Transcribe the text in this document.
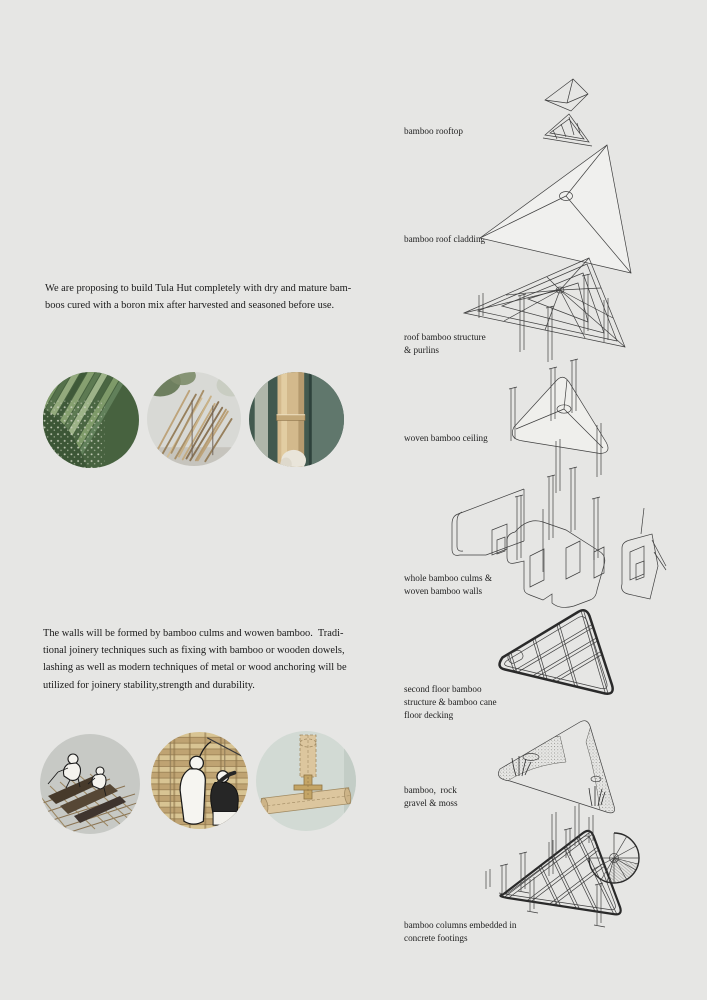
We are proposing to build Tula Hut completely with dry and mature bam-
boos cured with a boron mix after harvested and seasoned before use.
The walls will be formed by bamboo culms and wowen bamboo.  Tradi-
tional joinery techniques such as fixing with bamboo or wooden dowels,
lashing as well as modern techniques of metal or wood anchoring will be
utilized for joinery stability,strength and durability.
bamboo rooftop
bamboo roof cladding
roof bamboo structure
& purlins
woven bamboo ceiling
whole bamboo culms &
woven bamboo walls
second floor bamboo
structure & bamboo cane
floor decking
bamboo,  rock
gravel & moss
bamboo columns embedded in
concrete footings
